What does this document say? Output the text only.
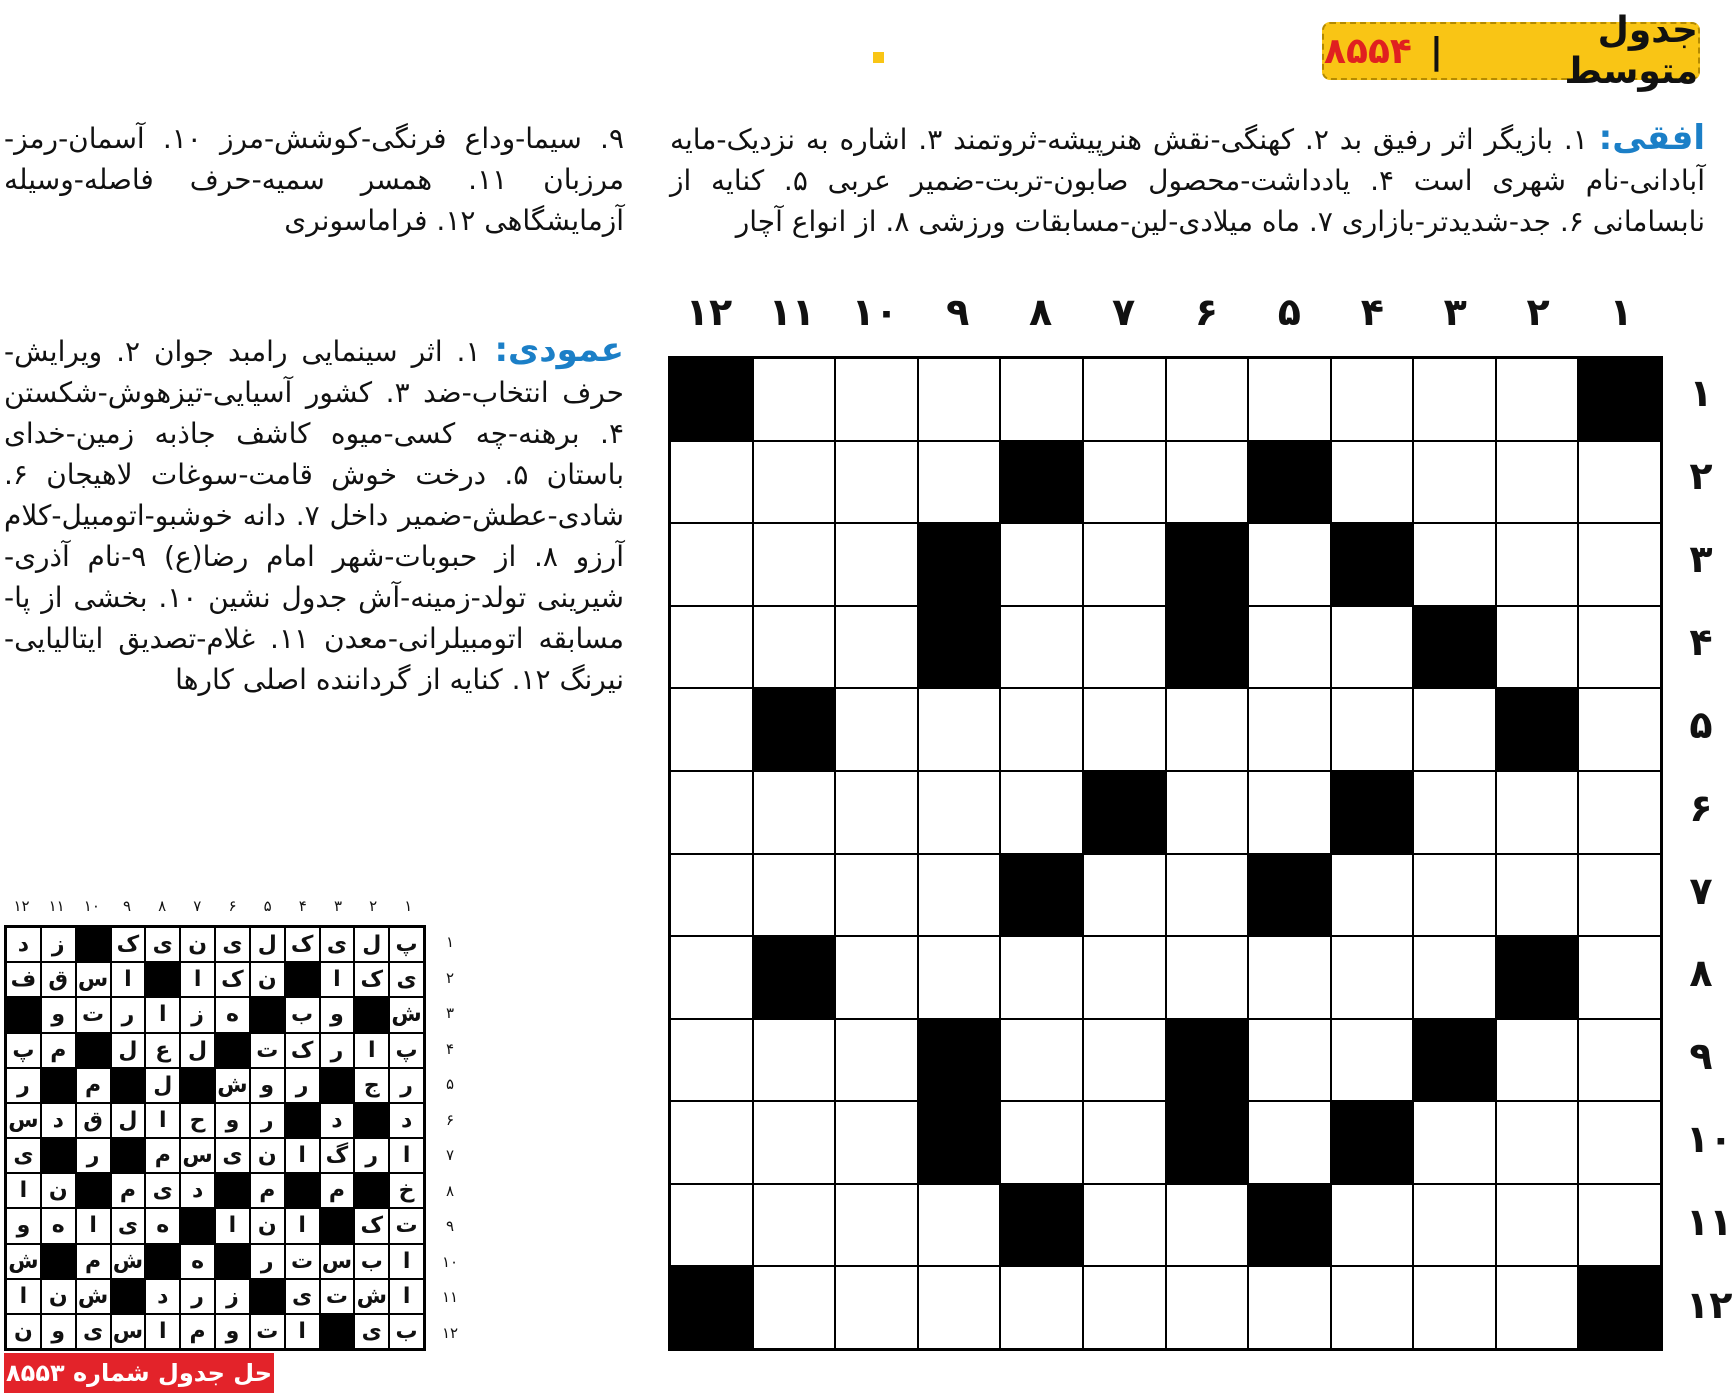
جدول متوسط
|
۸۵۵۴
افقی: ۱. بازیگر اثر رفیق بد ۲. کهنگی-نقش هنرپیشه-ثروتمند ۳. اشاره به نزدیک-مایه آبادانی-نام شهری است ۴. یادداشت-محصول صابون-تربت-ضمیر عربی ۵. کنایه از نابسامانی ۶. جد-شدیدتر-بازاری ۷. ماه میلادی-لین-مسابقات ورزشی ۸. از انواع آچار
۹. سیما-وداع فرنگی-کوشش-مرز ۱۰. آسمان-رمز-مرزبان ۱۱. همسر سمیه-حرف فاصله-وسیله آزمایشگاهی ۱۲. فراماسونری
عمودی: ۱. اثر سینمایی رامبد جوان ۲. ویرایش-حرف انتخاب-ضد ۳. کشور آسیایی-تیزهوش-شکستن ۴. برهنه-چه کسی-میوه کاشف جاذبه زمین-خدای باستان ۵. درخت خوش قامت-سوغات لاهیجان ۶. شادی-عطش-ضمیر داخل ۷. دانه خوشبو-اتومبیل-کلام آرزو ۸. از حبوبات-شهر امام رضا(ع) ۹-نام آذری-شیرینی تولد-زمینه-آش جدول نشین ۱۰. بخشی از پا-مسابقه اتومبیلرانی-معدن ۱۱. غلام-تصدیق ایتالیایی-نیرنگ ۱۲. کنایه از گرداننده اصلی کارها
۱
۲
۳
۴
۵
۶
۷
۸
۹
۱۰
۱۱
۱۲
۱
۲
۳
۴
۵
۶
۷
۸
۹
۱۰
۱۱
۱۲
۱
۲
۳
۴
۵
۶
۷
۸
۹
۱۰
۱۱
۱۲
۱
۲
۳
۴
۵
۶
۷
۸
۹
۱۰
۱۱
۱۲
پ
ل
ی
ک
ل
ی
ن
ی
ک
ز
د
ی
ک
ا
ن
ک
ا
ا
س
ق
ف
ش
و
ب
ه
ز
ا
ر
ت
و
پ
ا
ر
ک
ت
ل
ع
ل
م
پ
ر
ج
ر
و
ش
ل
م
ر
د
د
ر
و
ح
ا
ل
ق
د
س
ا
ر
گ
ا
ن
ی
س
م
ر
ی
خ
م
م
د
ی
م
ن
ا
ت
ک
ا
ن
ا
ه
ی
ا
ه
و
ا
ب
س
ت
ر
ه
ش
م
ش
ا
ش
ت
ی
ز
ر
د
ش
ن
ا
ب
ی
ا
ت
و
م
ا
س
ی
و
ن
حل جدول شماره ۸۵۵۳
